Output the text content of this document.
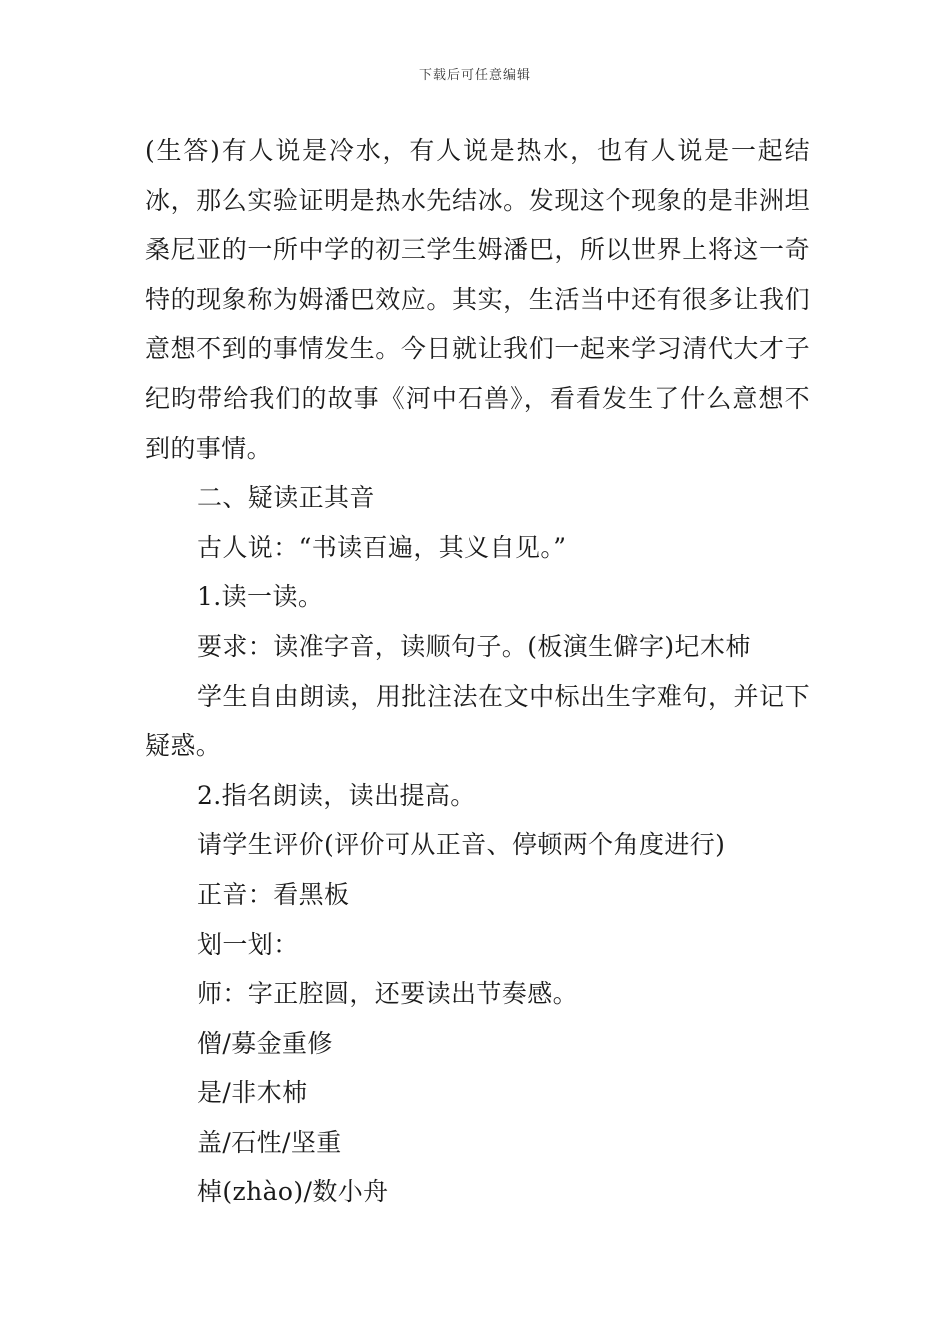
下载后可任意编辑

(生答)有人说是冷水，有人说是热水，也有人说是一起结冰，那么实验证明是热水先结冰。发现这个现象的是非洲坦桑尼亚的一所中学的初三学生姆潘巴，所以世界上将这一奇特的现象称为姆潘巴效应。其实，生活当中还有很多让我们意想不到的事情发生。今日就让我们一起来学习清代大才子纪昀带给我们的故事《河中石兽》，看看发生了什么意想不到的事情。

二、疑读正其音

古人说：“书读百遍，其义自见。”

1.读一读。

要求：读准字音，读顺句子。(板演生僻字)圮木杮

学生自由朗读，用批注法在文中标出生字难句，并记下疑惑。

2.指名朗读，读出提高。

请学生评价(评价可从正音、停顿两个角度进行)

正音：看黑板

划一划：

师：字正腔圆，还要读出节奏感。

僧/募金重修

是/非木杮

盖/石性/坚重

棹(zhào)/数小舟
